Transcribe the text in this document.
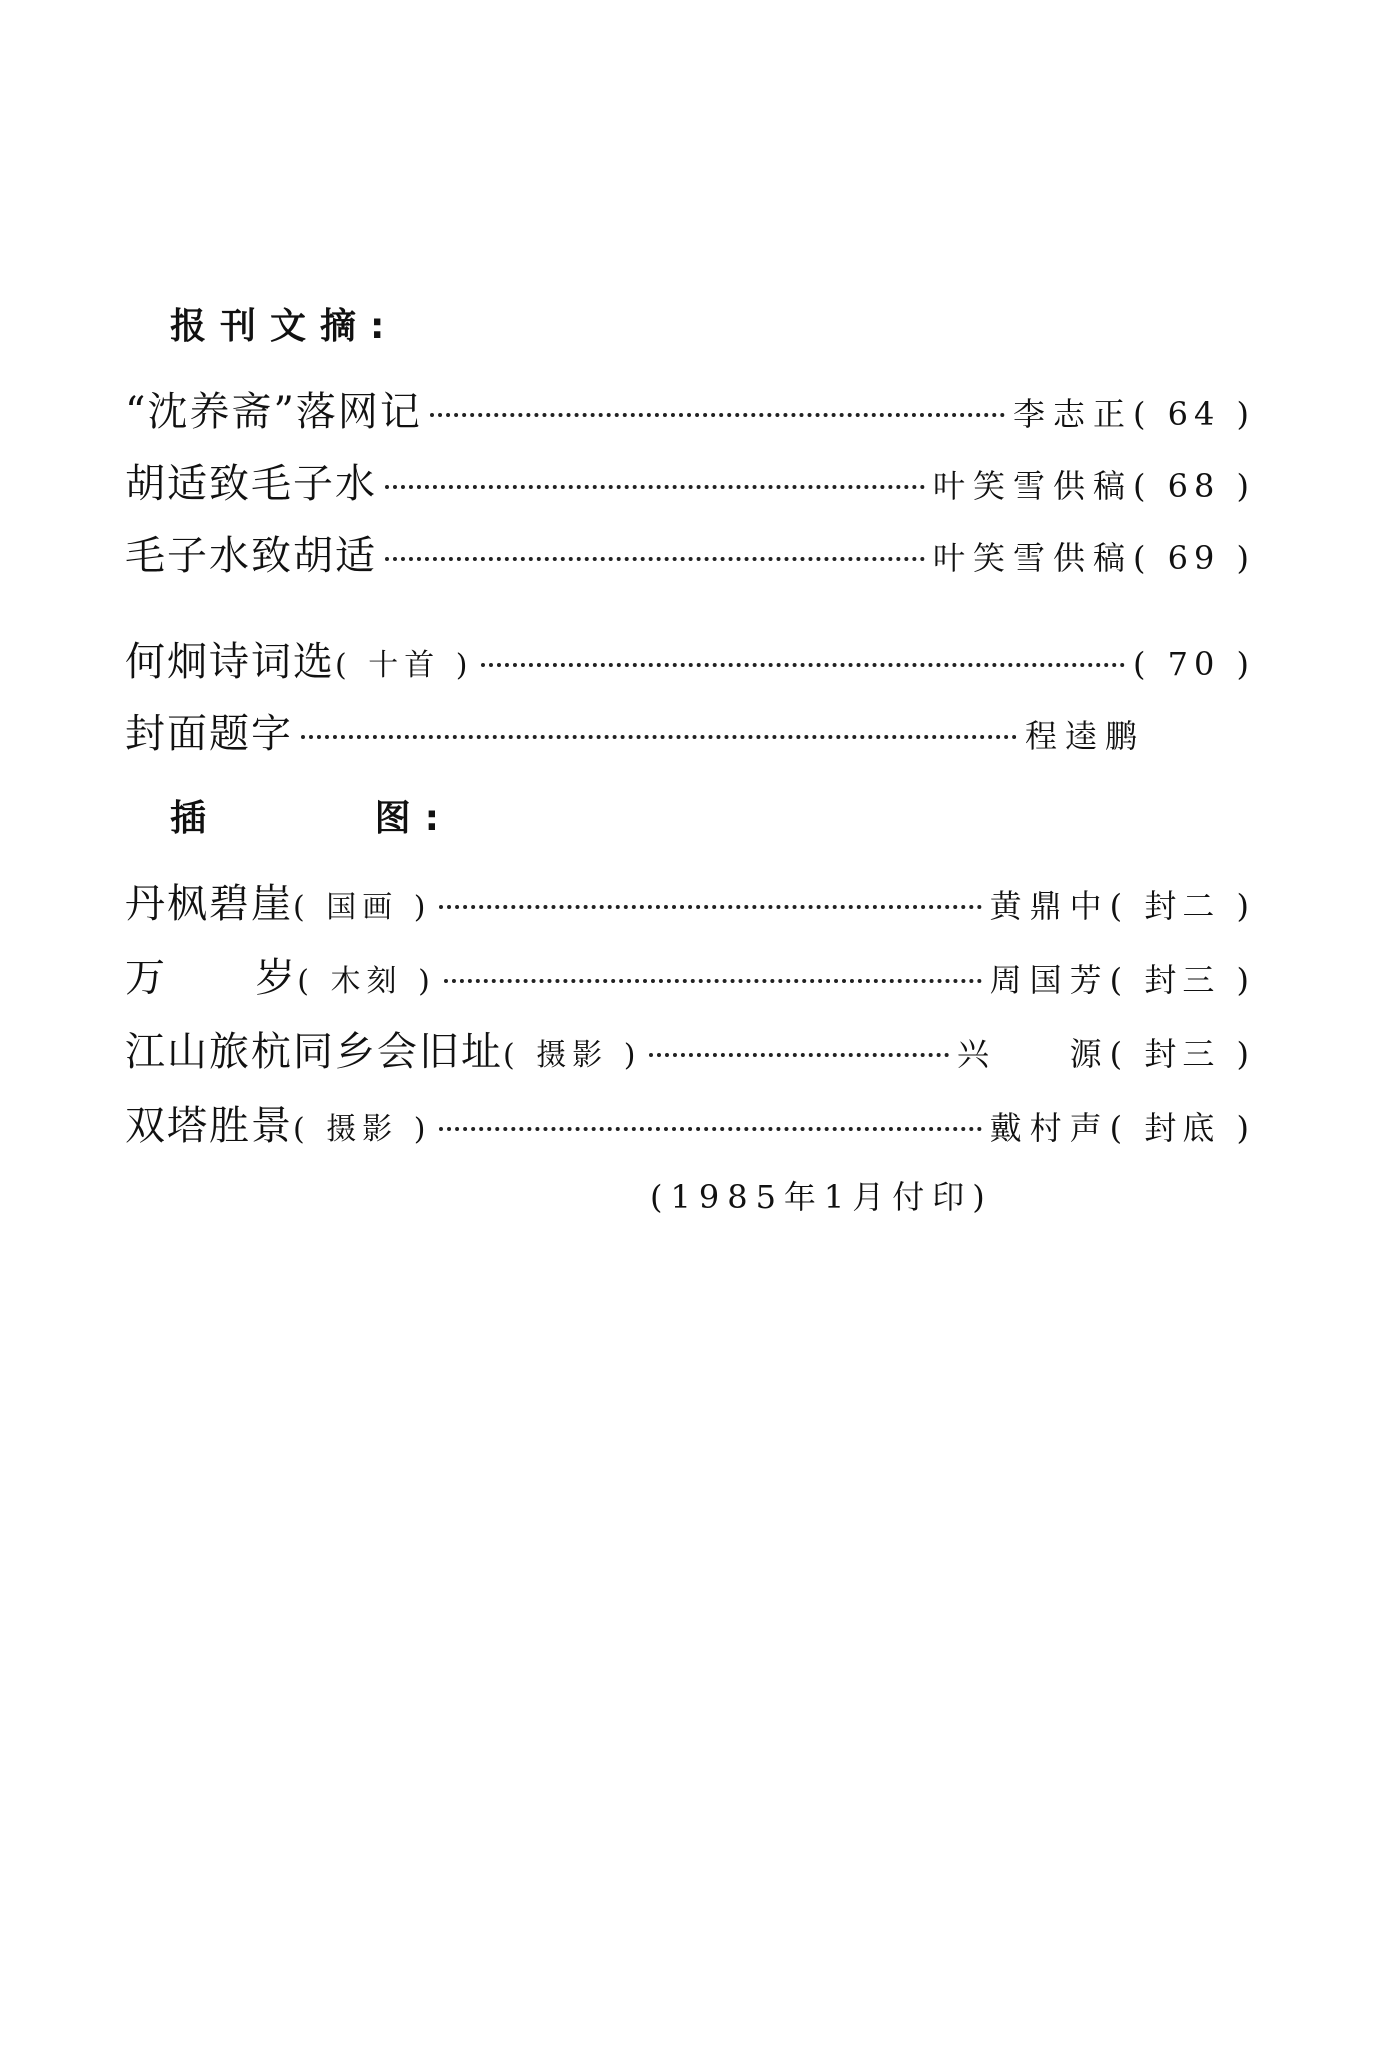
报刊文摘:
“沈养斋”落网记	李志正 ( 64 )
胡适致毛子水	叶笑雪供稿 ( 68 )
毛子水致胡适	叶笑雪供稿 ( 69 )
何炯诗词选( 十首 )	( 70 )
封面题字	程逵鹏
插	图:
丹枫碧崖( 国画 )	黄鼎中 ( 封二 )
万      岁( 木刻 )	周国芳 ( 封三 )
江山旅杭同乡会旧址( 摄影 )	兴    源 ( 封三 )
双塔胜景( 摄影 )	戴村声 ( 封底 )
(1985年1月付印)
